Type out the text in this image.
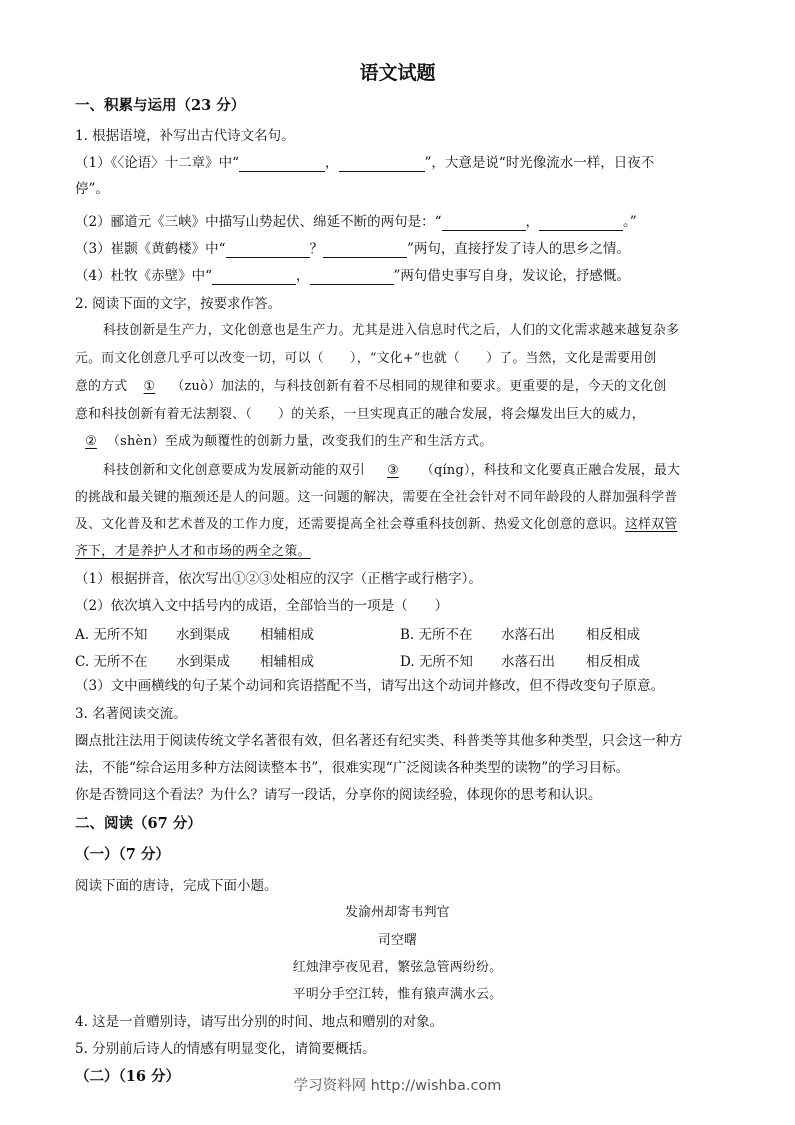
语文试题
一、积累与运用（23 分）
1. 根据语境，补写出古代诗文名句。
（1）《〈论语〉十二章》中“	，	”，大意是说“时光像流水一样，日夜不
停”。
（2）郦道元《三峡》中描写山势起伏、绵延不断的两句是：“	，	。”
（3）崔颢《黄鹤楼》中“	？	”两句，直接抒发了诗人的思乡之情。
（4）杜牧《赤壁》中“	，	”两句借史事写自身，发议论，抒感慨。
2. 阅读下面的文字，按要求作答。
科技创新是生产力，文化创意也是生产力。尤其是进入信息时代之后，人们的文化需求越来越复杂多
元。而文化创意几乎可以改变一切，可以（　　），“文化+”也就（　　）了。当然，文化是需要用创
意的方式 ① （zuò）加法的，与科技创新有着不尽相同的规律和要求。更重要的是，今天的文化创
意和科技创新有着无法割裂、（　　）的关系，一旦实现真正的融合发展，将会爆发出巨大的威力，
② （shèn）至成为颠覆性的创新力量，改变我们的生产和生活方式。
科技创新和文化创意要成为发展新动能的双引 ③ （qíng），科技和文化要真正融合发展，最大
的挑战和最关键的瓶颈还是人的问题。这一问题的解决，需要在全社会针对不同年龄段的人群加强科学普
及、文化普及和艺术普及的工作力度，还需要提高全社会尊重科技创新、热爱文化创意的意识。这样双管
齐下，才是养护人才和市场的两全之策。
（1）根据拼音，依次写出①②③处相应的汉字（正楷字或行楷字）。
（2）依次填入文中括号内的成语，全部恰当的一项是（　　）
A. 无所不知 水到渠成 相辅相成	B. 无所不在 水落石出 相反相成
C. 无所不在 水到渠成 相辅相成	D. 无所不知 水落石出 相反相成
（3）文中画横线的句子某个动词和宾语搭配不当，请写出这个动词并修改，但不得改变句子原意。
3. 名著阅读交流。
圈点批注法用于阅读传统文学名著很有效，但名著还有纪实类、科普类等其他多种类型，只会这一种方
法，不能“综合运用多种方法阅读整本书”，很难实现“广泛阅读各种类型的读物”的学习目标。
你是否赞同这个看法？为什么？请写一段话，分享你的阅读经验，体现你的思考和认识。
二、阅读（67 分）
（一）（7 分）
阅读下面的唐诗，完成下面小题。
发渝州却寄韦判官
司空曙
红烛津亭夜见君，繁弦急管两纷纷。
平明分手空江转，惟有猿声满水云。
4. 这是一首赠别诗，请写出分别的时间、地点和赠别的对象。
5. 分别前后诗人的情感有明显变化，请简要概括。
（二）（16 分）
学习资料网 http://wishba.com
